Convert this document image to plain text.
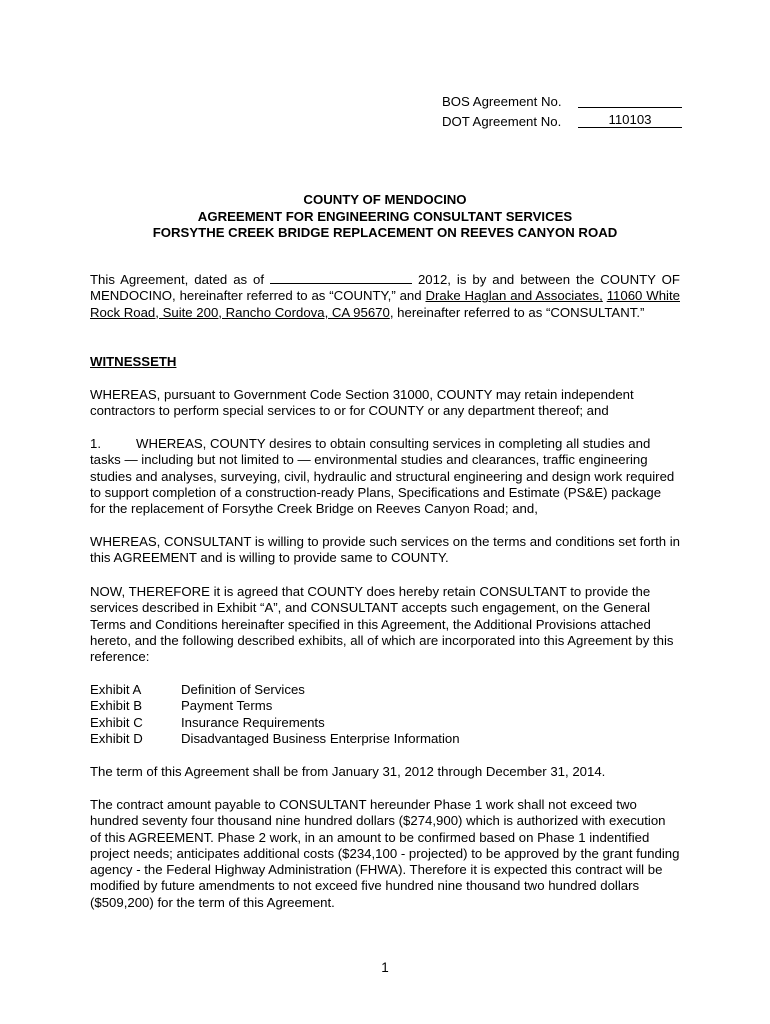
BOS Agreement No.
DOT Agreement No.	110103
COUNTY OF MENDOCINO
AGREEMENT FOR ENGINEERING CONSULTANT SERVICES
FORSYTHE CREEK BRIDGE REPLACEMENT ON REEVES CANYON ROAD
This Agreement, dated as of	2012, is by and between the COUNTY OF MENDOCINO, hereinafter referred to as “COUNTY,” and Drake Haglan and Associates, 11060 White Rock Road, Suite 200, Rancho Cordova, CA 95670, hereinafter referred to as “CONSULTANT.”
WITNESSETH
WHEREAS, pursuant to Government Code Section 31000, COUNTY may retain independent contractors to perform special services to or for COUNTY or any department thereof; and
1.	WHEREAS, COUNTY desires to obtain consulting services in completing all studies and tasks — including but not limited to — environmental studies and clearances, traffic engineering studies and analyses, surveying, civil, hydraulic and structural engineering and design work required to support completion of a construction-ready Plans, Specifications and Estimate (PS&E) package for the replacement of Forsythe Creek Bridge on Reeves Canyon Road; and,
WHEREAS, CONSULTANT is willing to provide such services on the terms and conditions set forth in this AGREEMENT and is willing to provide same to COUNTY.
NOW, THEREFORE it is agreed that COUNTY does hereby retain CONSULTANT to provide the services described in Exhibit “A”, and CONSULTANT accepts such engagement, on the General Terms and Conditions hereinafter specified in this Agreement, the Additional Provisions attached hereto, and the following described exhibits, all of which are incorporated into this Agreement by this reference:
Exhibit A	Definition of Services
Exhibit B	Payment Terms
Exhibit C	Insurance Requirements
Exhibit D	Disadvantaged Business Enterprise Information
The term of this Agreement shall be from January 31, 2012 through December 31, 2014.
The contract amount payable to CONSULTANT hereunder Phase 1 work shall not exceed two hundred seventy four thousand nine hundred dollars ($274,900) which is authorized with execution of this AGREEMENT. Phase 2 work, in an amount to be confirmed based on Phase 1 indentified project needs; anticipates additional costs ($234,100 - projected) to be approved by the grant funding agency - the Federal Highway Administration (FHWA). Therefore it is expected this contract will be modified by future amendments to not exceed five hundred nine thousand two hundred dollars ($509,200) for the term of this Agreement.
1
